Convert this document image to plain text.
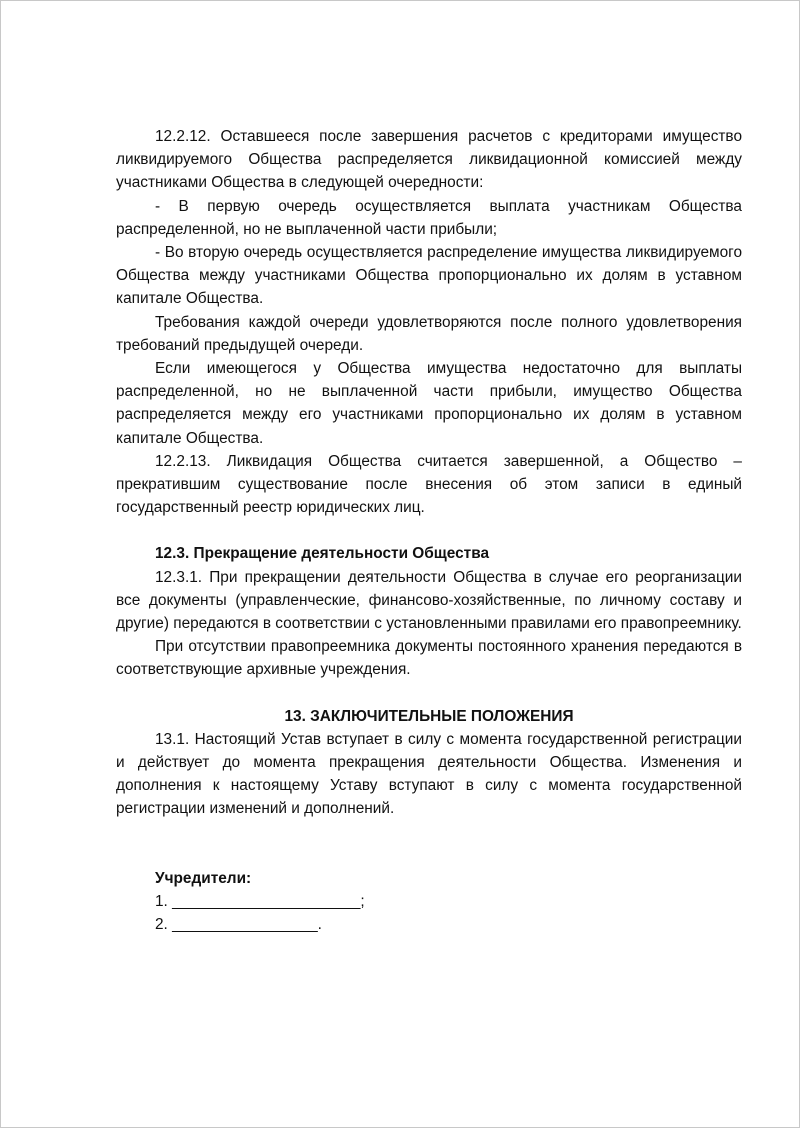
12.2.12. Оставшееся после завершения расчетов с кредиторами имущество ликвидируемого Общества распределяется ликвидационной комиссией между участниками Общества в следующей очередности:

- В первую очередь осуществляется выплата участникам Общества распределенной, но не выплаченной части прибыли;

- Во вторую очередь осуществляется распределение имущества ликвидируемого Общества между участниками Общества пропорционально их долям в уставном капитале Общества.

Требования каждой очереди удовлетворяются после полного удовлетворения требований предыдущей очереди.

Если имеющегося у Общества имущества недостаточно для выплаты распределенной, но не выплаченной части прибыли, имущество Общества распределяется между его участниками пропорционально их долям в уставном капитале Общества.

12.2.13. Ликвидация Общества считается завершенной, а Общество – прекратившим существование после внесения об этом записи в единый государственный реестр юридических лиц.

12.3. Прекращение деятельности Общества

12.3.1. При прекращении деятельности Общества в случае его реорганизации все документы (управленческие, финансово-хозяйственные, по личному составу и другие) передаются в соответствии с установленными правилами его правопреемнику.

При отсутствии правопреемника документы постоянного хранения передаются в соответствующие архивные учреждения.

13. ЗАКЛЮЧИТЕЛЬНЫЕ ПОЛОЖЕНИЯ

13.1. Настоящий Устав вступает в силу с момента государственной регистрации и действует до момента прекращения деятельности Общества. Изменения и дополнения к настоящему Уставу вступают в силу с момента государственной регистрации изменений и дополнений.

Учредители:

1. ______________________;

2. _________________.
